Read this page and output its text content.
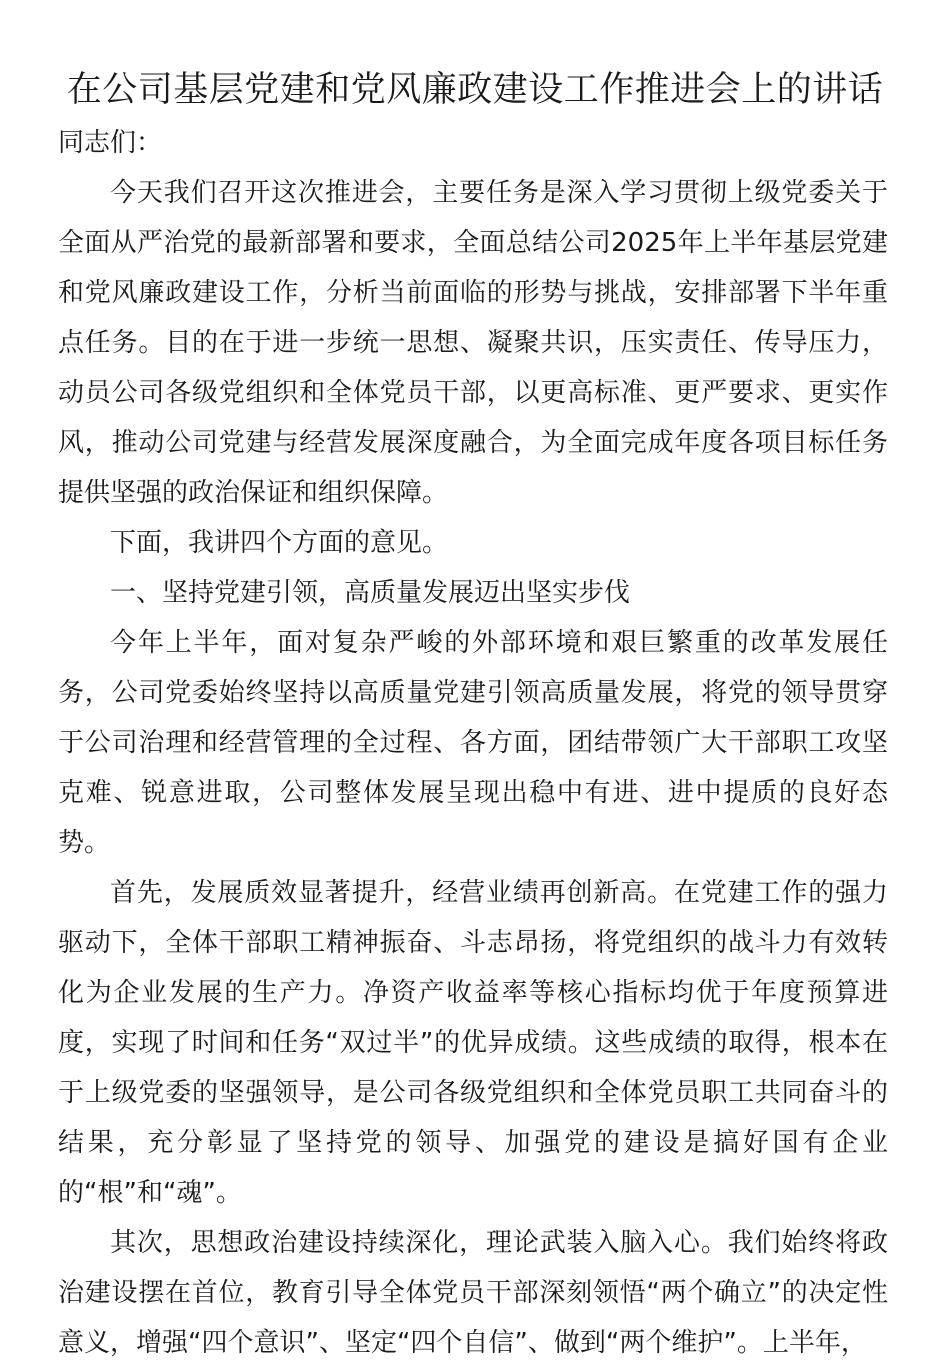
在公司基层党建和党风廉政建设工作推进会上的讲话

同志们：

今天我们召开这次推进会，主要任务是深入学习贯彻上级党委关于全面从严治党的最新部署和要求，全面总结公司2025年上半年基层党建和党风廉政建设工作，分析当前面临的形势与挑战，安排部署下半年重点任务。目的在于进一步统一思想、凝聚共识，压实责任、传导压力，动员公司各级党组织和全体党员干部，以更高标准、更严要求、更实作风，推动公司党建与经营发展深度融合，为全面完成年度各项目标任务提供坚强的政治保证和组织保障。

下面，我讲四个方面的意见。

一、坚持党建引领，高质量发展迈出坚实步伐

今年上半年，面对复杂严峻的外部环境和艰巨繁重的改革发展任务，公司党委始终坚持以高质量党建引领高质量发展，将党的领导贯穿于公司治理和经营管理的全过程、各方面，团结带领广大干部职工攻坚克难、锐意进取，公司整体发展呈现出稳中有进、进中提质的良好态势。

首先，发展质效显著提升，经营业绩再创新高。在党建工作的强力驱动下，全体干部职工精神振奋、斗志昂扬，将党组织的战斗力有效转化为企业发展的生产力。净资产收益率等核心指标均优于年度预算进度，实现了时间和任务“双过半”的优异成绩。这些成绩的取得，根本在于上级党委的坚强领导，是公司各级党组织和全体党员职工共同奋斗的结果，充分彰显了坚持党的领导、加强党的建设是搞好国有企业的“根”和“魂”。

其次，思想政治建设持续深化，理论武装入脑入心。我们始终将政治建设摆在首位，教育引导全体党员干部深刻领悟“两个确立”的决定性意义，增强“四个意识”、坚定“四个自信”、做到“两个维护”。上半年，
